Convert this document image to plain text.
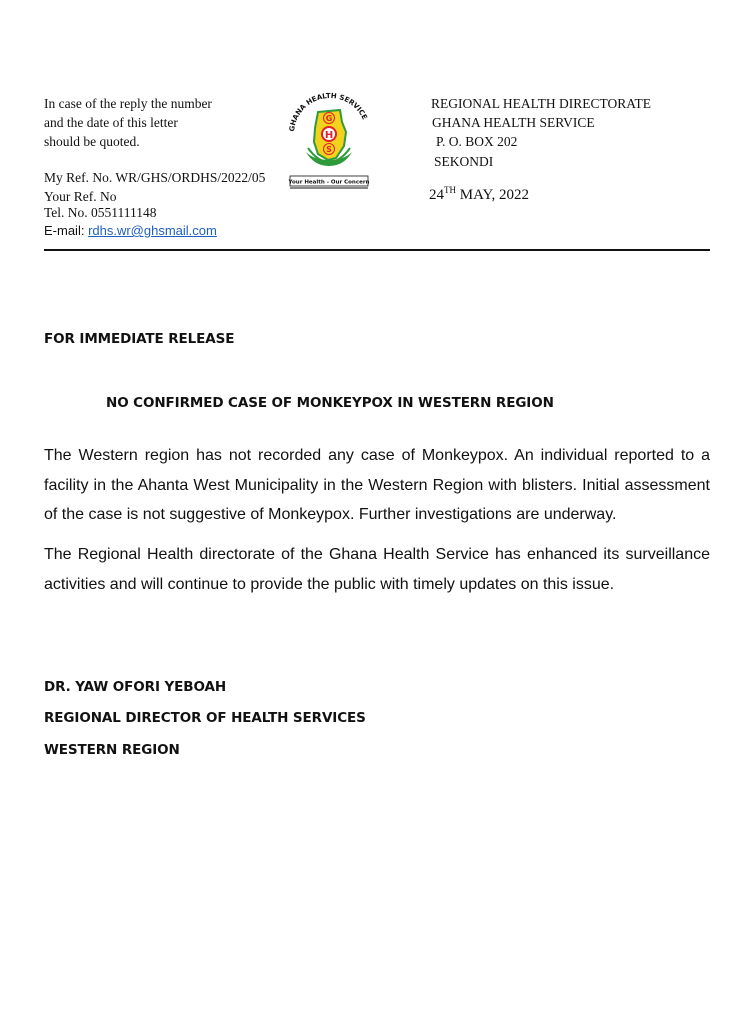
In case of the reply the number
and the date of this letter
should be quoted.
My Ref. No. WR/GHS/ORDHS/2022/05
Your Ref. No
Tel. No. 0551111148
E-mail: rdhs.wr@ghsmail.com
GHANA HEALTH SERVICE
G
H
S
Your Health - Our Concern
REGIONAL HEALTH DIRECTORATE
GHANA HEALTH SERVICE
P. O. BOX 202
SEKONDI
24TH MAY, 2022
FOR IMMEDIATE RELEASE
NO CONFIRMED CASE OF MONKEYPOX IN WESTERN REGION

The Western region has not recorded any case of Monkeypox. An individual reported to a facility in the Ahanta West Municipality in the Western Region with blisters. Initial assessment of the case is not suggestive of Monkeypox. Further investigations are underway.

The Regional Health directorate of the Ghana Health Service has enhanced its surveillance activities and will continue to provide the public with timely updates on this issue.

DR. YAW OFORI YEBOAH
REGIONAL DIRECTOR OF HEALTH SERVICES
WESTERN REGION
